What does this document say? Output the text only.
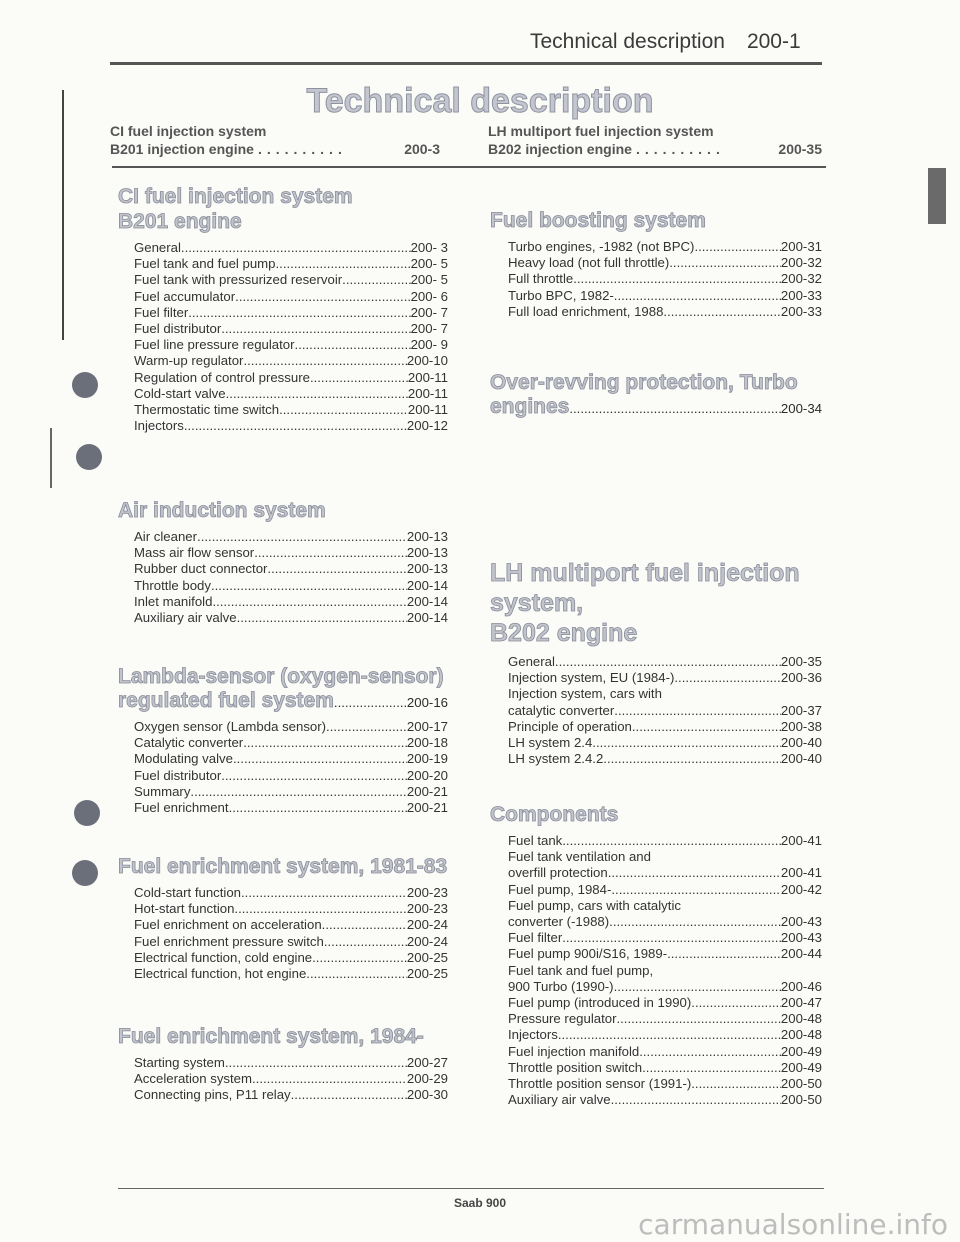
Technical description 200-1
Technical description
CI fuel injection system
B201 injection engine ..........	200-3
LH multiport fuel injection system
B202 injection engine ..........	200-35
CI fuel injection system
B201 engine
General .....	200- 3
Fuel tank and fuel pump .....	200- 5
Fuel tank with pressurized reservoir .....	200- 5
Fuel accumulator .....	200- 6
Fuel filter .....	200- 7
Fuel distributor .....	200- 7
Fuel line pressure regulator .....	200- 9
Warm-up regulator .....	200-10
Regulation of control pressure .....	200-11
Cold-start valve .....	200-11
Thermostatic time switch .....	200-11
Injectors .....	200-12
Air induction system
Air cleaner .....	200-13
Mass air flow sensor .....	200-13
Rubber duct connector .....	200-13
Throttle body .....	200-14
Inlet manifold .....	200-14
Auxiliary air valve .....	200-14
Lambda-sensor (oxygen-sensor)
regulated fuel system .....	200-16
Oxygen sensor (Lambda sensor) .....	200-17
Catalytic converter .....	200-18
Modulating valve .....	200-19
Fuel distributor .....	200-20
Summary .....	200-21
Fuel enrichment .....	200-21
Fuel enrichment system, 1981-83
Cold-start function .....	200-23
Hot-start function .....	200-23
Fuel enrichment on acceleration .....	200-24
Fuel enrichment pressure switch .....	200-24
Electrical function, cold engine .....	200-25
Electrical function, hot engine .....	200-25
Fuel enrichment system, 1984-
Starting system .....	200-27
Acceleration system .....	200-29
Connecting pins, P11 relay .....	200-30
Fuel boosting system
Turbo engines, -1982 (not BPC) .....	200-31
Heavy load (not full throttle) .....	200-32
Full throttle .....	200-32
Turbo BPC, 1982- .....	200-33
Full load enrichment, 1988 .....	200-33
Over-revving protection, Turbo
engines .....	200-34
LH multiport fuel injection
system,
B202 engine
General .....	200-35
Injection system, EU (1984-) .....	200-36
Injection system, cars with
catalytic converter .....	200-37
Principle of operation .....	200-38
LH system 2.4 .....	200-40
LH system 2.4.2 .....	200-40
Components
Fuel tank .....	200-41
Fuel tank ventilation and
overfill protection .....	200-41
Fuel pump, 1984- .....	200-42
Fuel pump, cars with catalytic
converter (-1988) .....	200-43
Fuel filter .....	200-43
Fuel pump 900i/S16, 1989- .....	200-44
Fuel tank and fuel pump,
900 Turbo (1990-) .....	200-46
Fuel pump (introduced in 1990) .....	200-47
Pressure regulator .....	200-48
Injectors .....	200-48
Fuel injection manifold .....	200-49
Throttle position switch .....	200-49
Throttle position sensor (1991-) .....	200-50
Auxiliary air valve .....	200-50
Saab 900
carmanualsonline.info
